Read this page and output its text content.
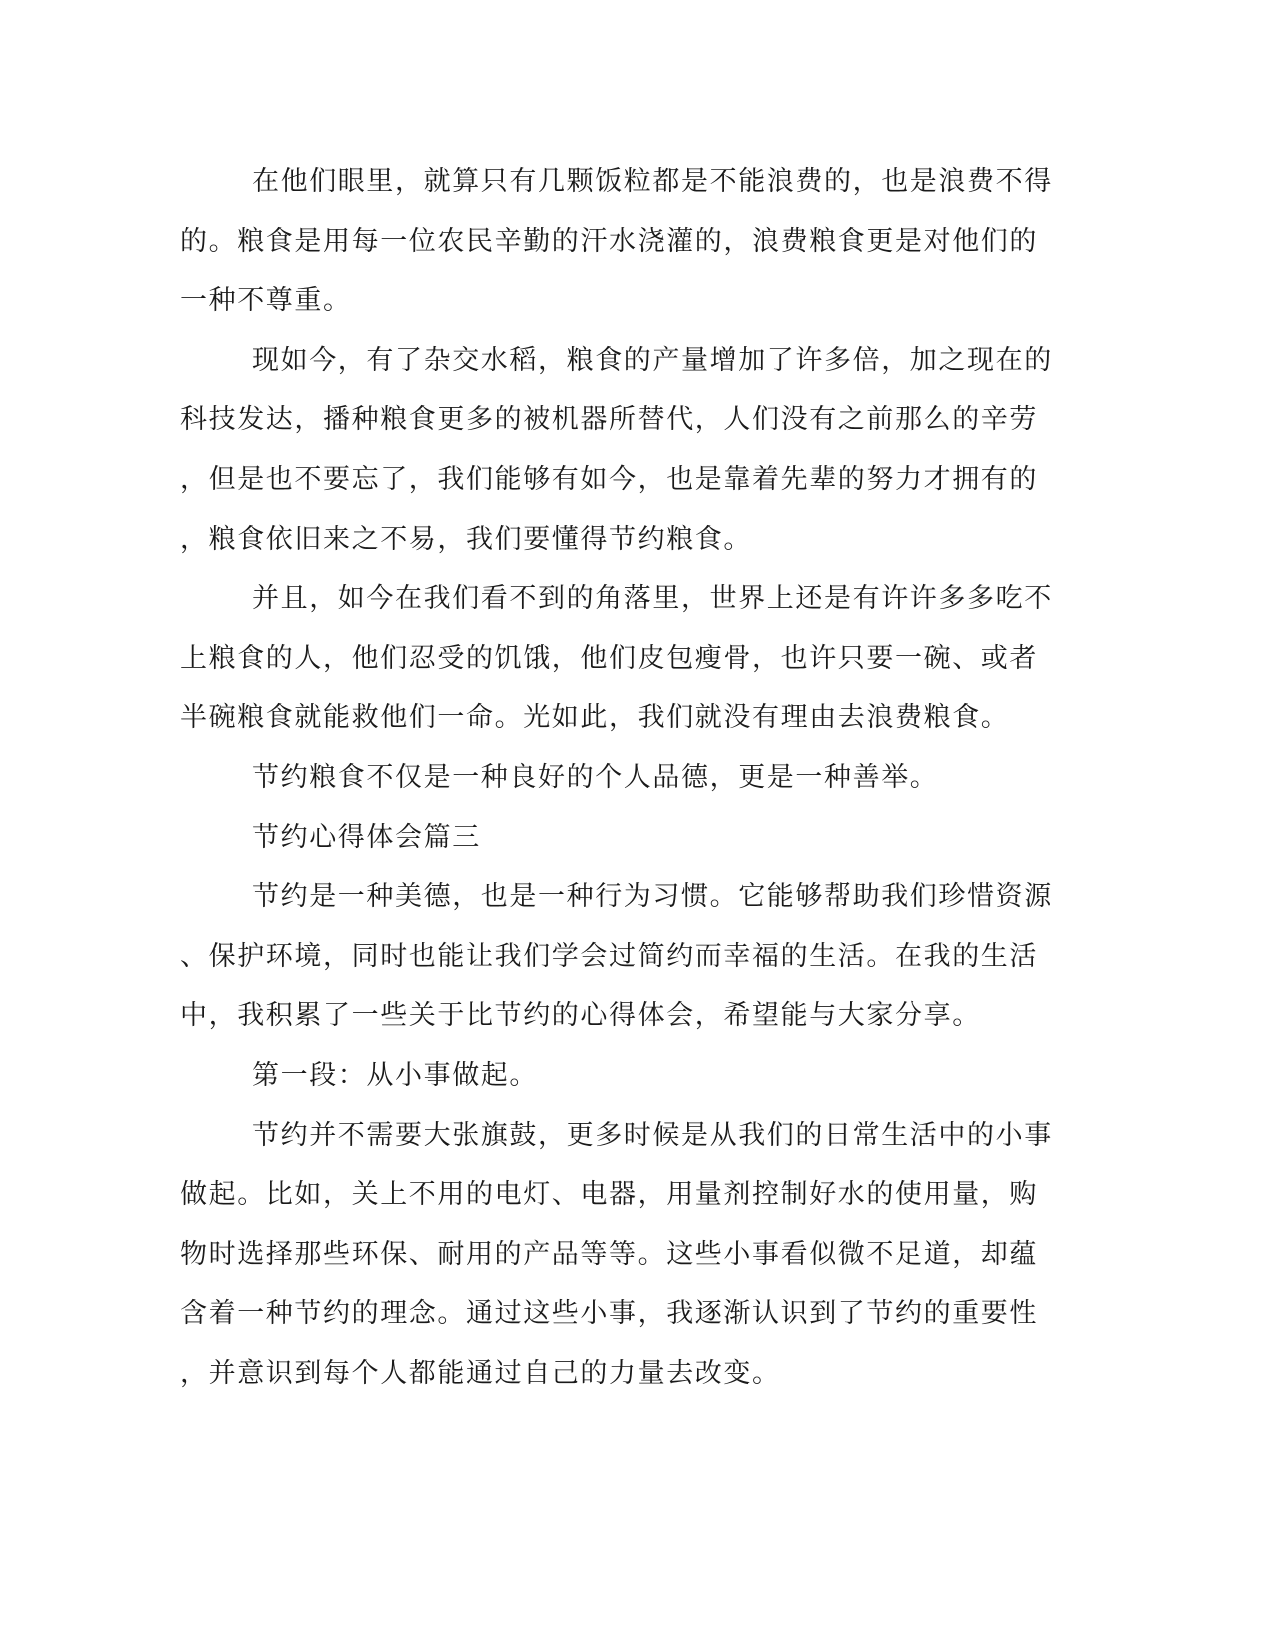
在他们眼里，就算只有几颗饭粒都是不能浪费的，也是浪费不得
的。粮食是用每一位农民辛勤的汗水浇灌的，浪费粮食更是对他们的
一种不尊重。
现如今，有了杂交水稻，粮食的产量增加了许多倍，加之现在的
科技发达，播种粮食更多的被机器所替代，人们没有之前那么的辛劳
，但是也不要忘了，我们能够有如今，也是靠着先辈的努力才拥有的
，粮食依旧来之不易，我们要懂得节约粮食。
并且，如今在我们看不到的角落里，世界上还是有许许多多吃不
上粮食的人，他们忍受的饥饿，他们皮包瘦骨，也许只要一碗、或者
半碗粮食就能救他们一命。光如此，我们就没有理由去浪费粮食。
节约粮食不仅是一种良好的个人品德，更是一种善举。
节约心得体会篇三
节约是一种美德，也是一种行为习惯。它能够帮助我们珍惜资源
、保护环境，同时也能让我们学会过简约而幸福的生活。在我的生活
中，我积累了一些关于比节约的心得体会，希望能与大家分享。
第一段：从小事做起。
节约并不需要大张旗鼓，更多时候是从我们的日常生活中的小事
做起。比如，关上不用的电灯、电器，用量剂控制好水的使用量，购
物时选择那些环保、耐用的产品等等。这些小事看似微不足道，却蕴
含着一种节约的理念。通过这些小事，我逐渐认识到了节约的重要性
，并意识到每个人都能通过自己的力量去改变。
